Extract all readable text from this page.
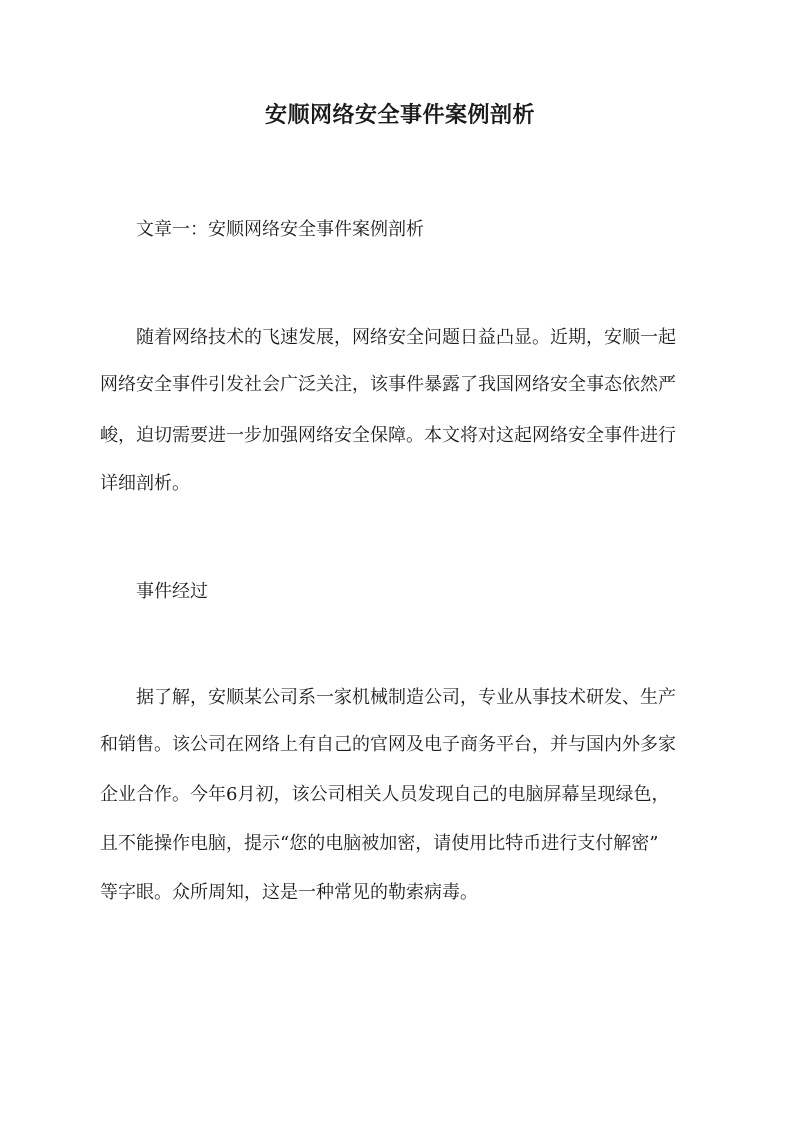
安顺网络安全事件案例剖析

文章一：安顺网络安全事件案例剖析

随着网络技术的飞速发展，网络安全问题日益凸显。近期，安顺一起

网络安全事件引发社会广泛关注，该事件暴露了我国网络安全事态依然严

峻，迫切需要进一步加强网络安全保障。本文将对这起网络安全事件进行

详细剖析。

事件经过

据了解，安顺某公司系一家机械制造公司，专业从事技术研发、生产

和销售。该公司在网络上有自己的官网及电子商务平台，并与国内外多家

企业合作。今年6月初，该公司相关人员发现自己的电脑屏幕呈现绿色，

且不能操作电脑，提示“您的电脑被加密，请使用比特币进行支付解密”

等字眼。众所周知，这是一种常见的勒索病毒。
